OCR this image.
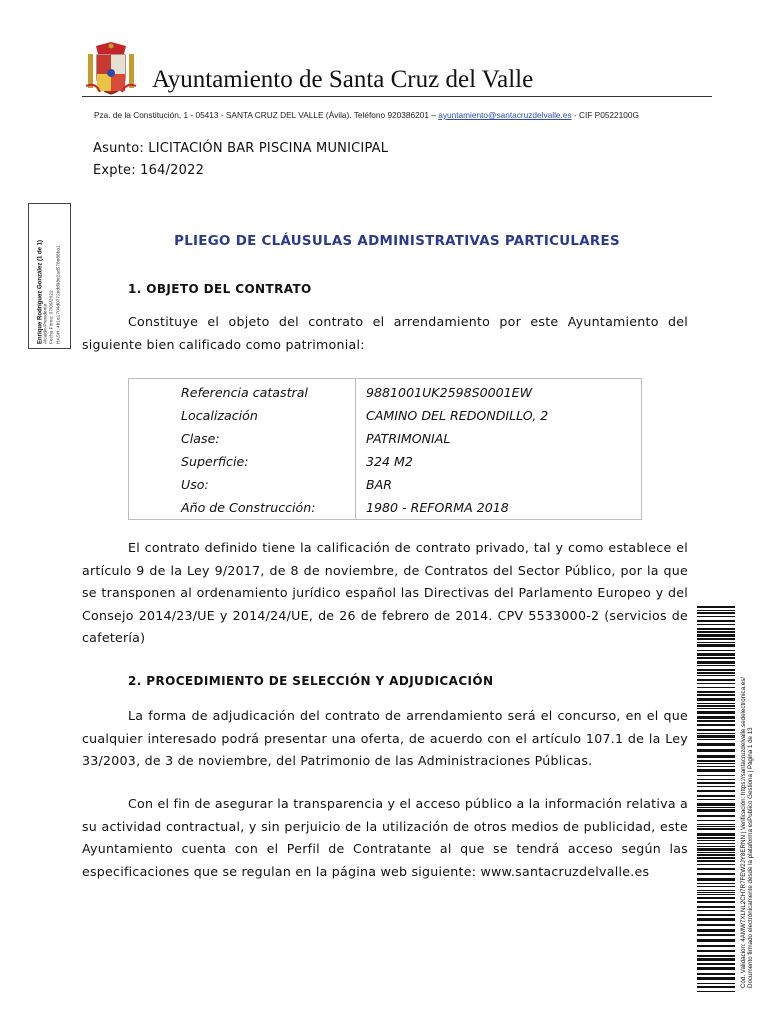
Ayuntamiento de Santa Cruz del Valle
Pza. de la Constitución, 1 - 05413 - SANTA CRUZ DEL VALLE (Ávila). Teléfono 920386201 – ayuntamiento@santacruzdelvalle.es - CIF P0522100G
Asunto: LICITACIÓN BAR PISCINA MUNICIPAL
Expte: 164/2022
PLIEGO DE CLÁUSULAS ADMINISTRATIVAS PARTICULARES
1. OBJETO DEL CONTRATO
Constituye el objeto del contrato el arrendamiento por este Ayuntamiento del siguiente bien calificado como patrimonial:
Referencia catastral	9881001UK2598S0001EW
Localización	CAMINO DEL REDONDILLO, 2
Clase:	PATRIMONIAL
Superficie:	324 M2
Uso:	BAR
Año de Construcción:	1980 - REFORMA 2018
El contrato definido tiene la calificación de contrato privado, tal y como establece el artículo 9 de la Ley 9/2017, de 8 de noviembre, de Contratos del Sector Público, por la que se transponen al ordenamiento jurídico español las Directivas del Parlamento Europeo y del Consejo 2014/23/UE y 2014/24/UE, de 26 de febrero de 2014. CPV 5533000-2 (servicios de cafetería)
2. PROCEDIMIENTO DE SELECCIÓN Y ADJUDICACIÓN
La forma de adjudicación del contrato de arrendamiento será el concurso, en el que cualquier interesado podrá presentar una oferta, de acuerdo con el artículo 107.1 de la Ley 33/2003, de 3 de noviembre, del Patrimonio de las Administraciones Públicas.
Con el fin de asegurar la transparencia y el acceso público a la información relativa a su actividad contractual, y sin perjuicio de la utilización de otros medios de publicidad, este Ayuntamiento cuenta con el Perfil de Contratante al que se tendrá acceso según las especificaciones que se regulan en la página web siguiente: www.santacruzdelvalle.es
Enrique Rodríguez González (1 de 1) Alcalde-Presidente Fecha Firma: 07/09/2022 HASH: 4b1e1704d0772edd98e2ad578e88ba1
Cód. Validación: 4AMW7XLNL2CH7R7FEW2JY8ERNN | Verificación: https://santacruzdelvalle.sedelectronica.es/ Documento firmado electrónicamente desde la plataforma esPublico Gestiona | Página 1 de 13
